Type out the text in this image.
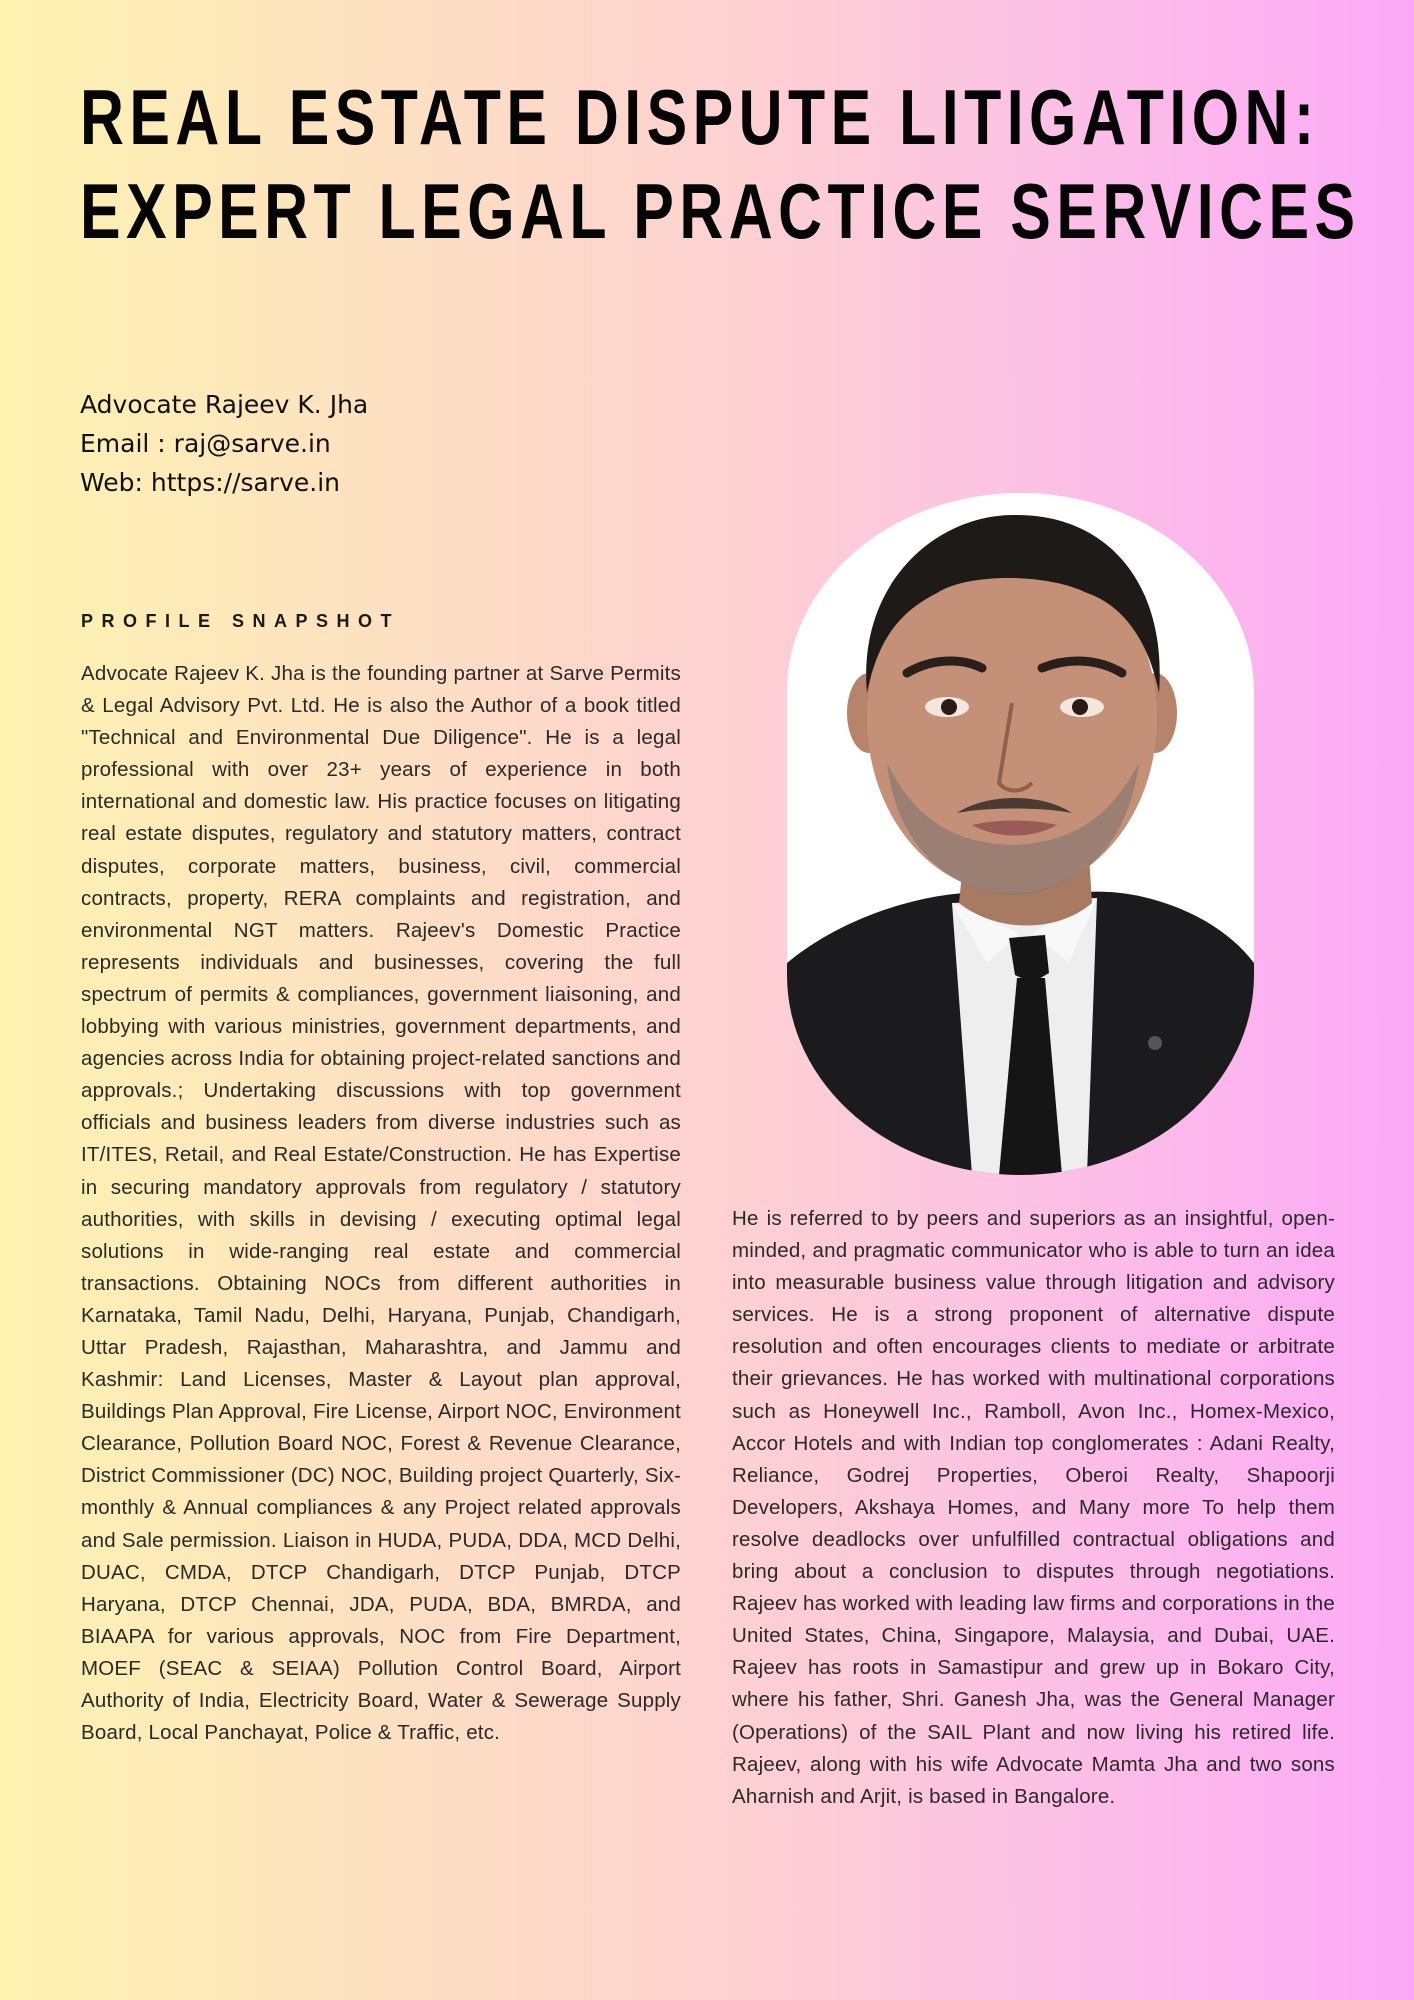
REAL ESTATE DISPUTE LITIGATION:
EXPERT LEGAL PRACTICE SERVICES
Advocate Rajeev K. Jha
Email : raj@sarve.in
Web: https://sarve.in
PROFILE SNAPSHOT

Advocate Rajeev K. Jha is the founding partner at Sarve Permits & Legal Advisory Pvt. Ltd. He is also the Author of a book titled "Technical and Environmental Due Diligence". He is a legal professional with over 23+ years of experience in both international and domestic law. His practice focuses on litigating real estate disputes, regulatory and statutory matters, contract disputes, corporate matters, business, civil, commercial contracts, property, RERA complaints and registration, and environmental NGT matters. Rajeev's Domestic Practice represents individuals and businesses, covering the full spectrum of permits & compliances, government liaisoning, and lobbying with various ministries, government departments, and agencies across India for obtaining project-related sanctions and approvals.; Undertaking discussions with top government officials and business leaders from diverse industries such as IT/ITES, Retail, and Real Estate/Construction. He has Expertise in securing mandatory approvals from regulatory / statutory authorities, with skills in devising / executing optimal legal solutions in wide-ranging real estate and commercial transactions. Obtaining NOCs from different authorities in Karnataka, Tamil Nadu, Delhi, Haryana, Punjab, Chandigarh, Uttar Pradesh, Rajasthan, Maharashtra, and Jammu and Kashmir: Land Licenses, Master & Layout plan approval, Buildings Plan Approval, Fire License, Airport NOC, Environment Clearance, Pollution Board NOC, Forest & Revenue Clearance, District Commissioner (DC) NOC, Building project Quarterly, Six-monthly & Annual compliances & any Project related approvals and Sale permission. Liaison in HUDA, PUDA, DDA, MCD Delhi, DUAC, CMDA, DTCP Chandigarh, DTCP Punjab, DTCP Haryana, DTCP Chennai, JDA, PUDA, BDA, BMRDA, and BIAAPA for various approvals, NOC from Fire Department, MOEF (SEAC & SEIAA) Pollution Control Board, Airport Authority of India, Electricity Board, Water & Sewerage Supply Board, Local Panchayat, Police & Traffic, etc.

He is referred to by peers and superiors as an insightful, open-minded, and pragmatic communicator who is able to turn an idea into measurable business value through litigation and advisory services. He is a strong proponent of alternative dispute resolution and often encourages clients to mediate or arbitrate their grievances. He has worked with multinational corporations such as Honeywell Inc., Ramboll, Avon Inc., Homex-Mexico, Accor Hotels and with Indian top conglomerates : Adani Realty, Reliance, Godrej Properties, Oberoi Realty, Shapoorji Developers, Akshaya Homes, and Many more To help them resolve deadlocks over unfulfilled contractual obligations and bring about a conclusion to disputes through negotiations. Rajeev has worked with leading law firms and corporations in the United States, China, Singapore, Malaysia, and Dubai, UAE. Rajeev has roots in Samastipur and grew up in Bokaro City, where his father, Shri. Ganesh Jha, was the General Manager (Operations) of the SAIL Plant and now living his retired life. Rajeev, along with his wife Advocate Mamta Jha and two sons Aharnish and Arjit, is based in Bangalore.
